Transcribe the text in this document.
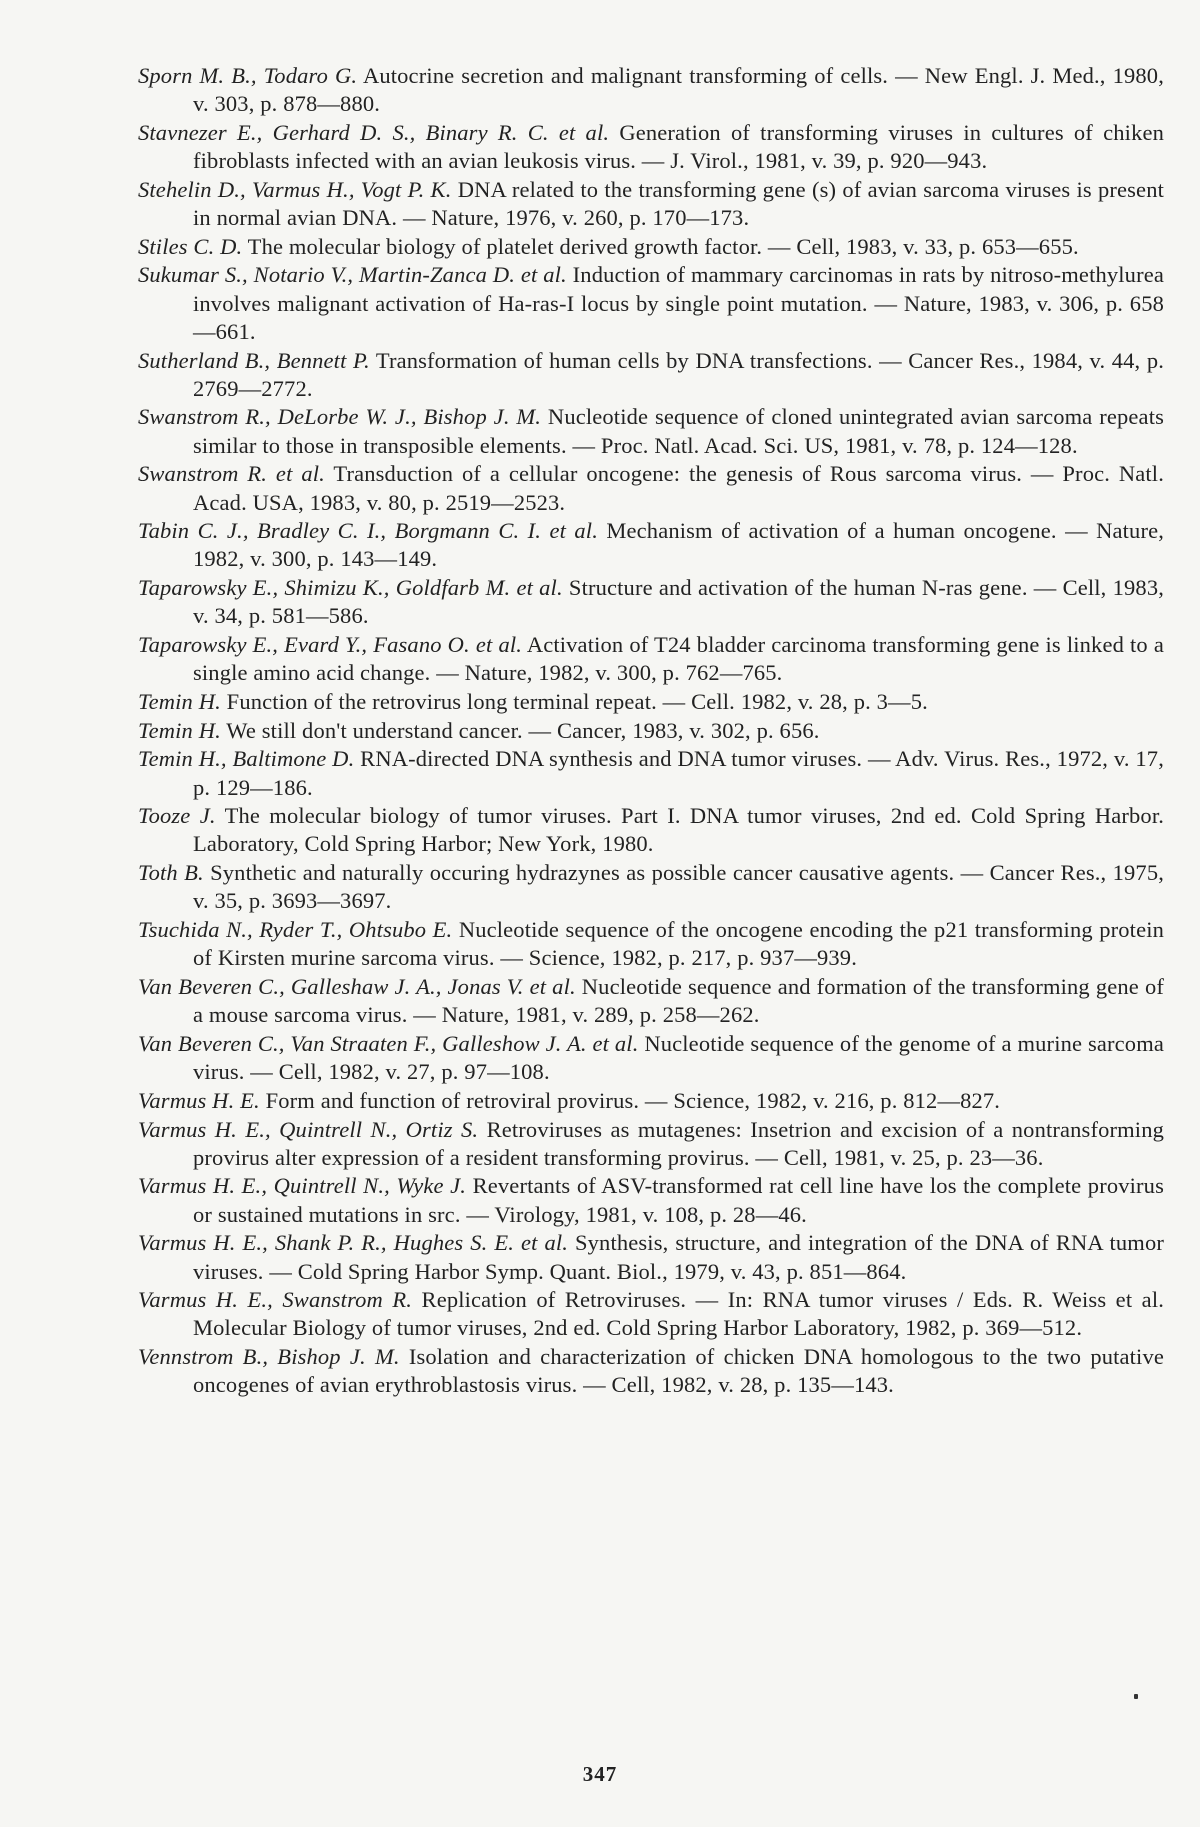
Sporn M. B., Todaro G. Autocrine secretion and malignant transforming of cells. — New Engl. J. Med., 1980, v. 303, p. 878—880.

Stavnezer E., Gerhard D. S., Binary R. C. et al. Generation of transforming viruses in cultures of chiken fibroblasts infected with an avian leukosis virus. — J. Virol., 1981, v. 39, p. 920—943.

Stehelin D., Varmus H., Vogt P. K. DNA related to the transforming gene (s) of avian sarcoma viruses is present in normal avian DNA. — Nature, 1976, v. 260, p. 170—173.

Stiles C. D. The molecular biology of platelet derived growth factor. — Cell, 1983, v. 33, p. 653—655.

Sukumar S., Notario V., Martin-Zanca D. et al. Induction of mammary carcinomas in rats by nitroso-methylurea involves malignant activation of Ha-ras-I locus by single point mutation. — Nature, 1983, v. 306, p. 658—661.

Sutherland B., Bennett P. Transformation of human cells by DNA transfections. — Cancer Res., 1984, v. 44, p. 2769—2772.

Swanstrom R., DeLorbe W. J., Bishop J. M. Nucleotide sequence of cloned unintegrated avian sarcoma repeats similar to those in transposible elements. — Proc. Natl. Acad. Sci. US, 1981, v. 78, p. 124—128.

Swanstrom R. et al. Transduction of a cellular oncogene: the genesis of Rous sarcoma virus. — Proc. Natl. Acad. USA, 1983, v. 80, p. 2519—2523.

Tabin C. J., Bradley C. I., Borgmann C. I. et al. Mechanism of activation of a human oncogene. — Nature, 1982, v. 300, p. 143—149.

Taparowsky E., Shimizu K., Goldfarb M. et al. Structure and activation of the human N-ras gene. — Cell, 1983, v. 34, p. 581—586.

Taparowsky E., Evard Y., Fasano O. et al. Activation of T24 bladder carcinoma transforming gene is linked to a single amino acid change. — Nature, 1982, v. 300, p. 762—765.

Temin H. Function of the retrovirus long terminal repeat. — Cell. 1982, v. 28, p. 3—5.

Temin H. We still don't understand cancer. — Cancer, 1983, v. 302, p. 656.

Temin H., Baltimone D. RNA-directed DNA synthesis and DNA tumor viruses. — Adv. Virus. Res., 1972, v. 17, p. 129—186.

Tooze J. The molecular biology of tumor viruses. Part I. DNA tumor viruses, 2nd ed. Cold Spring Harbor. Laboratory, Cold Spring Harbor; New York, 1980.

Toth B. Synthetic and naturally occuring hydrazynes as possible cancer causative agents. — Cancer Res., 1975, v. 35, p. 3693—3697.

Tsuchida N., Ryder T., Ohtsubo E. Nucleotide sequence of the oncogene encoding the p21 transforming protein of Kirsten murine sarcoma virus. — Science, 1982, p. 217, p. 937—939.

Van Beveren C., Galleshaw J. A., Jonas V. et al. Nucleotide sequence and formation of the transforming gene of a mouse sarcoma virus. — Nature, 1981, v. 289, p. 258—262.

Van Beveren C., Van Straaten F., Galleshow J. A. et al. Nucleotide sequence of the genome of a murine sarcoma virus. — Cell, 1982, v. 27, p. 97—108.

Varmus H. E. Form and function of retroviral provirus. — Science, 1982, v. 216, p. 812—827.

Varmus H. E., Quintrell N., Ortiz S. Retroviruses as mutagenes: Insetrion and excision of a nontransforming provirus alter expression of a resident transforming provirus. — Cell, 1981, v. 25, p. 23—36.

Varmus H. E., Quintrell N., Wyke J. Revertants of ASV-transformed rat cell line have los the complete provirus or sustained mutations in src. — Virology, 1981, v. 108, p. 28—46.

Varmus H. E., Shank P. R., Hughes S. E. et al. Synthesis, structure, and integration of the DNA of RNA tumor viruses. — Cold Spring Harbor Symp. Quant. Biol., 1979, v. 43, p. 851—864.

Varmus H. E., Swanstrom R. Replication of Retroviruses. — In: RNA tumor viruses / Eds. R. Weiss et al. Molecular Biology of tumor viruses, 2nd ed. Cold Spring Harbor Laboratory, 1982, p. 369—512.

Vennstrom B., Bishop J. M. Isolation and characterization of chicken DNA homologous to the two putative oncogenes of avian erythroblastosis virus. — Cell, 1982, v. 28, p. 135—143.

347
